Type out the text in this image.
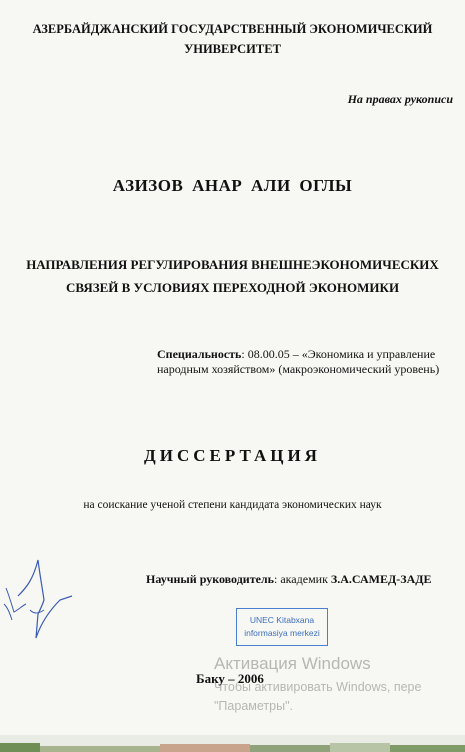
АЗЕРБАЙДЖАНСКИЙ ГОСУДАРСТВЕННЫЙ ЭКОНОМИЧЕСКИЙ
УНИВЕРСИТЕТ
На правах рукописи
АЗИЗОВ АНАР АЛИ ОГЛЫ
НАПРАВЛЕНИЯ РЕГУЛИРОВАНИЯ ВНЕШНЕЭКОНОМИЧЕСКИХ
СВЯЗЕЙ В УСЛОВИЯХ ПЕРЕХОДНОЙ ЭКОНОМИКИ
Специальность: 08.00.05 – «Экономика и управление
народным хозяйством» (макроэкономический уровень)
ДИССЕРТАЦИЯ
на соискание ученой степени кандидата экономических наук
Научный руководитель: академик З.А.САМЕД-ЗАДЕ
UNEC Kitabxana
informasiya merkezi
Активация Windows
Чтобы активировать Windows, пере
"Параметры".
Баку – 2006
